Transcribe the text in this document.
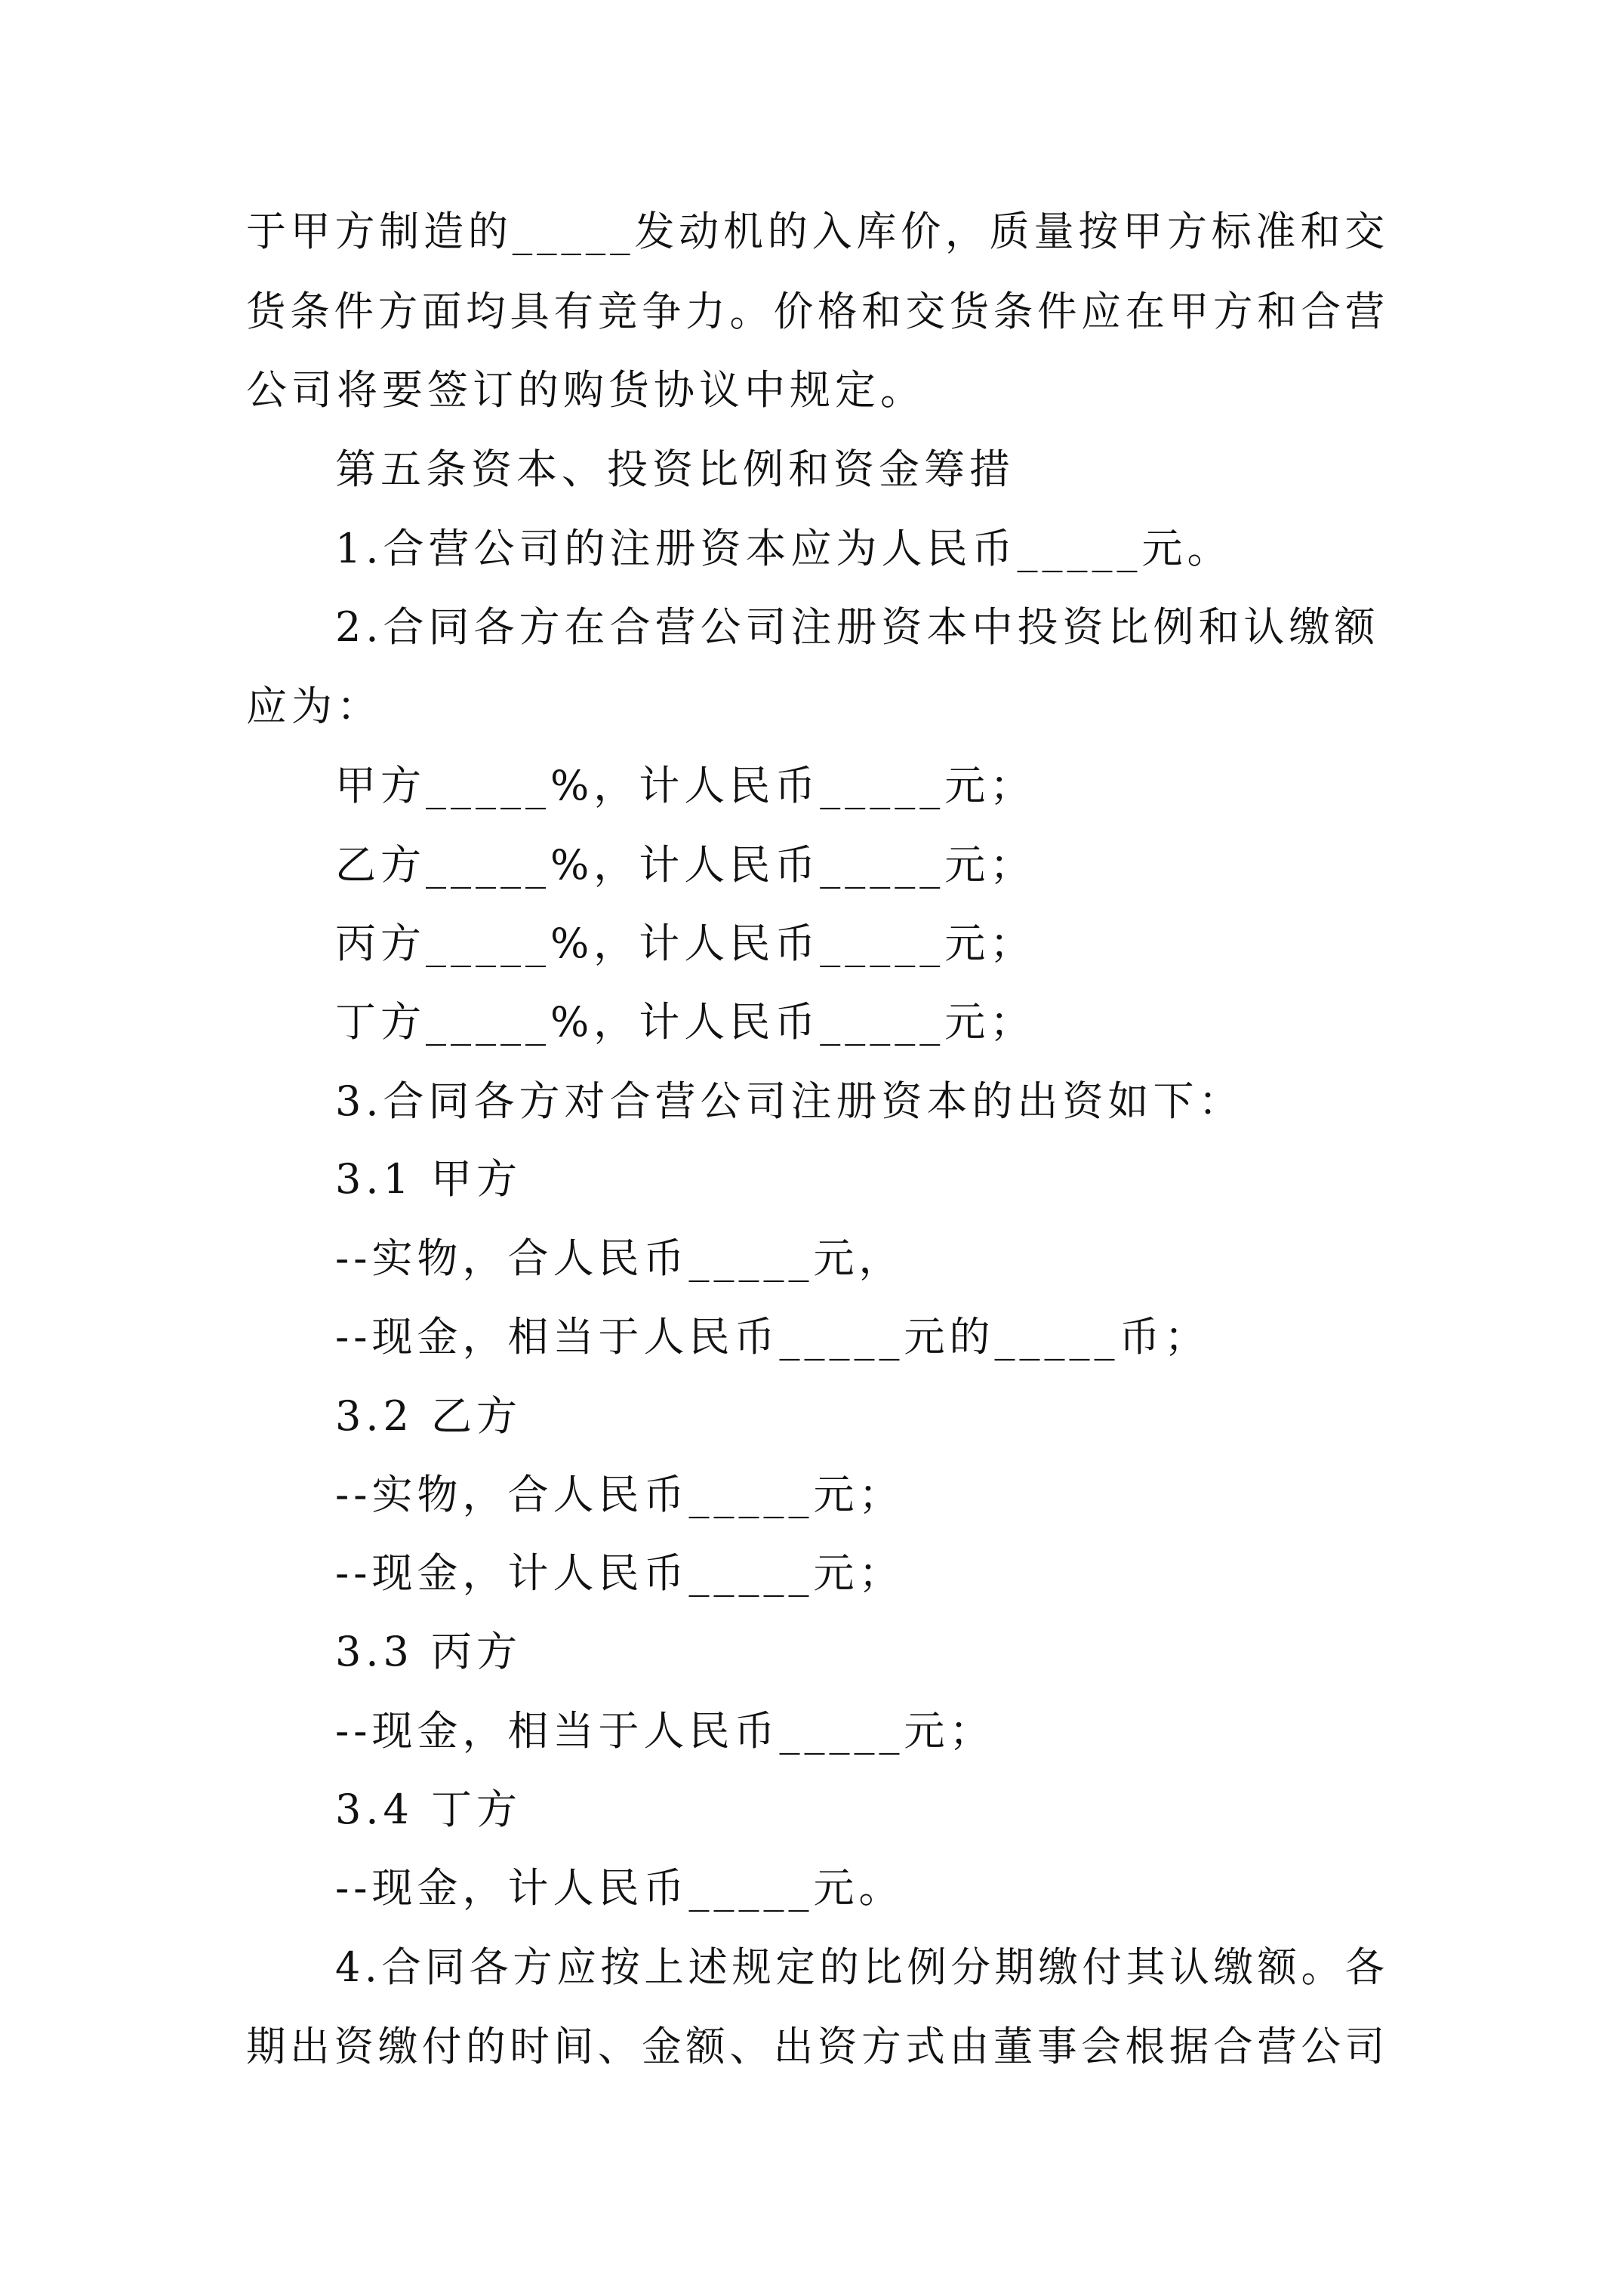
于甲方制造的_____发动机的入库价，质量按甲方标准和交
货条件方面均具有竞争力。价格和交货条件应在甲方和合营
公司将要签订的购货协议中规定。
第五条资本、投资比例和资金筹措
1.合营公司的注册资本应为人民币_____元。
2.合同各方在合营公司注册资本中投资比例和认缴额
应为：
甲方_____%，计人民币_____元；
乙方_____%，计人民币_____元；
丙方_____%，计人民币_____元；
丁方_____%，计人民币_____元；
3.合同各方对合营公司注册资本的出资如下：
3.1 甲方
--实物，合人民币_____元，
--现金，相当于人民币_____元的_____币；
3.2 乙方
--实物，合人民币_____元；
--现金，计人民币_____元；
3.3 丙方
--现金，相当于人民币_____元；
3.4 丁方
--现金，计人民币_____元。
4.合同各方应按上述规定的比例分期缴付其认缴额。各
期出资缴付的时间、金额、出资方式由董事会根据合营公司
